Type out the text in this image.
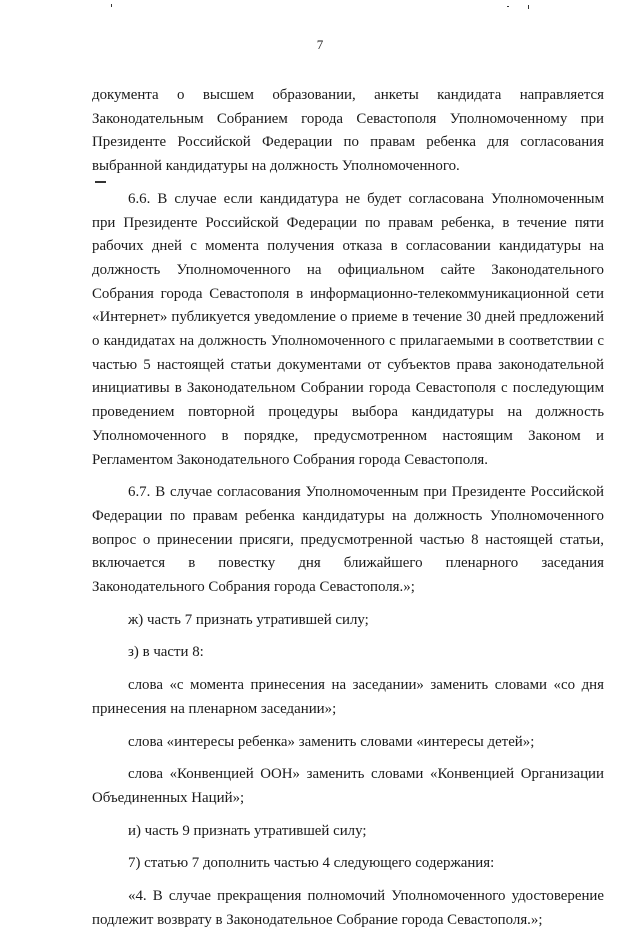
7

документа о высшем образовании, анкеты кандидата направляется Законодательным Собранием города Севастополя Уполномоченному при Президенте Российской Федерации по правам ребенка для согласования выбранной кандидатуры на должность Уполномоченного.

6.6. В случае если кандидатура не будет согласована Уполномоченным при Президенте Российской Федерации по правам ребенка, в течение пяти рабочих дней с момента получения отказа в согласовании кандидатуры на должность Уполномоченного на официальном сайте Законодательного Собрания города Севастополя в информационно-телекоммуникационной сети «Интернет» публикуется уведомление о приеме в течение 30 дней предложений о кандидатах на должность Уполномоченного с прилагаемыми в соответствии с частью 5 настоящей статьи документами от субъектов права законодательной инициативы в Законодательном Собрании города Севастополя с последующим проведением повторной процедуры выбора кандидатуры на должность Уполномоченного в порядке, предусмотренном настоящим Законом и Регламентом Законодательного Собрания города Севастополя.

6.7. В случае согласования Уполномоченным при Президенте Российской Федерации по правам ребенка кандидатуры на должность Уполномоченного вопрос о принесении присяги, предусмотренной частью 8 настоящей статьи, включается в повестку дня ближайшего пленарного заседания Законодательного Собрания города Севастополя.»;

ж) часть 7 признать утратившей силу;

з) в части 8:

слова «с момента принесения на заседании» заменить словами «со дня принесения на пленарном заседании»;

слова «интересы ребенка» заменить словами «интересы детей»;

слова «Конвенцией ООН» заменить словами «Конвенцией Организации Объединенных Наций»;

и) часть 9 признать утратившей силу;

7) статью 7 дополнить частью 4 следующего содержания:

«4. В случае прекращения полномочий Уполномоченного удостоверение подлежит возврату в Законодательное Собрание города Севастополя.»;
